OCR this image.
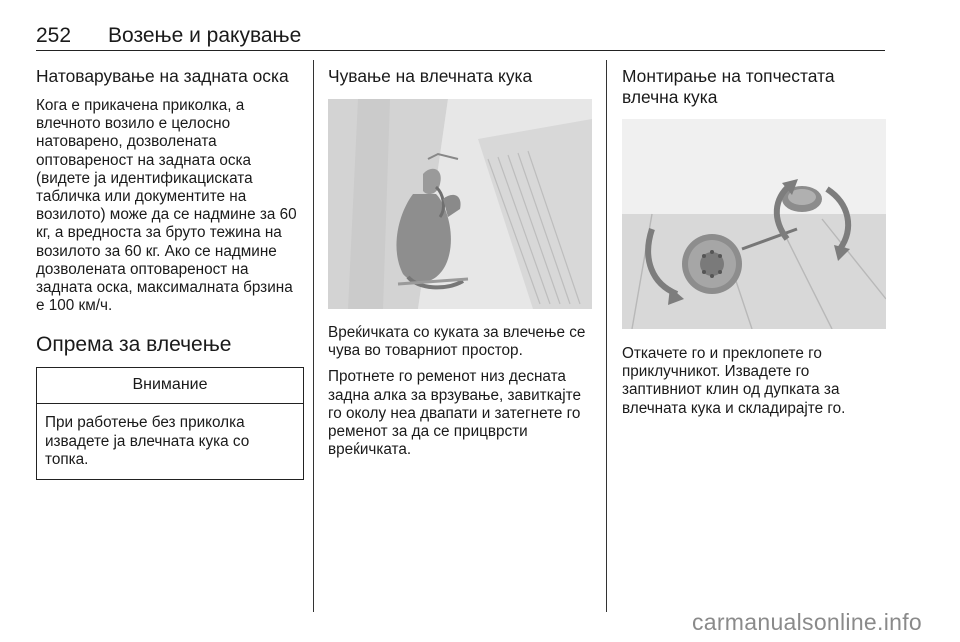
252 Возење и ракување
Натоварување на задната оска

Кога е прикачена приколка, а влечното возило е целосно натоварено, дозволената оптовареност на задната оска (видете ја идентификациската табличка или документите на возилото) може да се надмине за 60 кг, а вредноста за бруто тежина на возилото за 60 кг. Ако се надмине дозволената оптовареност на задната оска, максималната брзина е 100 км/ч.

Опрема за влечење
Внимание
При работење без приколка извадете ја влечната кука со топка.
Чување на влечната кука

Вреќичката со куката за влечење се чува во товарниот простор.

Протнете го ременот низ десната задна алка за врзување, завиткајте го околу неа двапати и затегнете го ременот за да се прицврсти вреќичката.

Монтирање на топчестата влечна кука

Откачете го и преклопете го приклучникот. Извадете го заптивниот клин од дупката за влечната кука и складирајте го.

carmanualsonline.info
